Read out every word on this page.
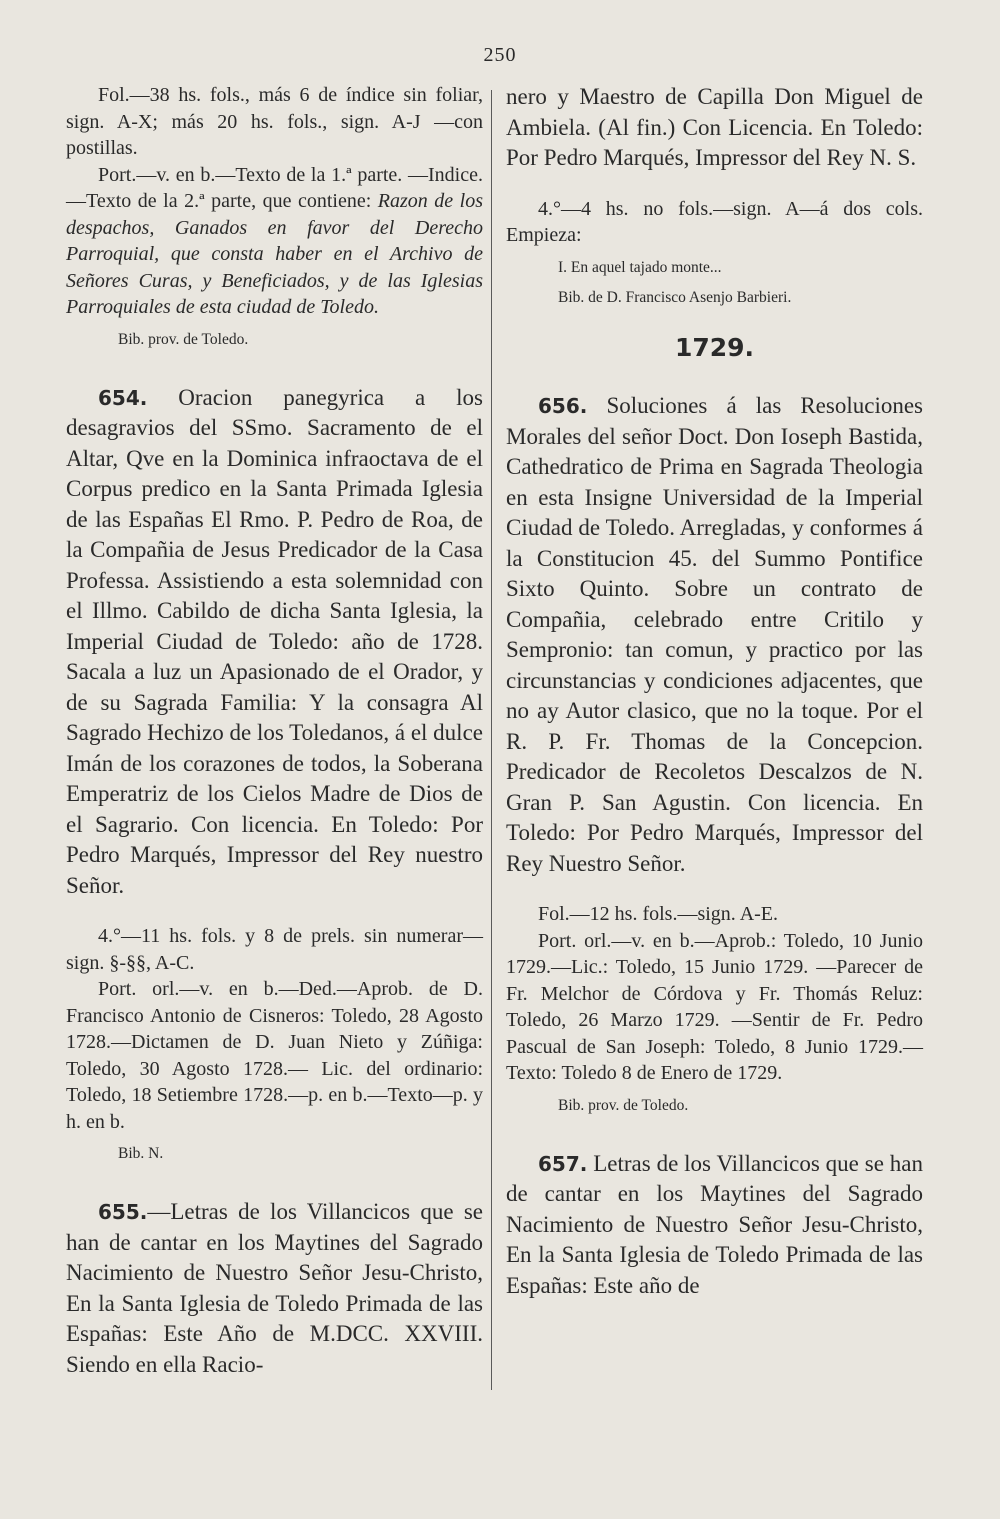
250

Fol.—38 hs. fols., más 6 de índice sin foliar, sign. A-X; más 20 hs. fols., sign. A-J —con postillas.

Port.—v. en b.—Texto de la 1.ª parte. —Indice.—Texto de la 2.ª parte, que contiene: Razon de los despachos, Ganados en favor del Derecho Parroquial, que consta haber en el Archivo de Señores Curas, y Beneficiados, y de las Iglesias Parroquiales de esta ciudad de Toledo.

Bib. prov. de Toledo.

654. Oracion panegyrica a los desagravios del SSmo. Sacramento de el Altar, Qve en la Dominica infraoctava de el Corpus predico en la Santa Primada Iglesia de las Españas El Rmo. P. Pedro de Roa, de la Compañia de Jesus Predicador de la Casa Professa. Assistiendo a esta solemnidad con el Illmo. Cabildo de dicha Santa Iglesia, la Imperial Ciudad de Toledo: año de 1728. Sacala a luz un Apasionado de el Orador, y de su Sagrada Familia: Y la consagra Al Sagrado Hechizo de los Toledanos, á el dulce Imán de los corazones de todos, la Soberana Emperatriz de los Cielos Madre de Dios de el Sagrario. Con licencia. En Toledo: Por Pedro Marqués, Impressor del Rey nuestro Señor.

4.°—11 hs. fols. y 8 de prels. sin numerar—sign. §-§§, A-C.

Port. orl.—v. en b.—Ded.—Aprob. de D. Francisco Antonio de Cisneros: Toledo, 28 Agosto 1728.—Dictamen de D. Juan Nieto y Zúñiga: Toledo, 30 Agosto 1728.— Lic. del ordinario: Toledo, 18 Setiembre 1728.—p. en b.—Texto—p. y h. en b.

Bib. N.

655.—Letras de los Villancicos que se han de cantar en los Maytines del Sagrado Nacimiento de Nuestro Señor Jesu-Christo, En la Santa Iglesia de Toledo Primada de las Españas: Este Año de M.DCC. XXVIII. Siendo en ella Racio-

nero y Maestro de Capilla Don Miguel de Ambiela. (Al fin.) Con Licencia. En Toledo: Por Pedro Marqués, Impressor del Rey N. S.

4.°—4 hs. no fols.—sign. A—á dos cols. Empieza:

I. En aquel tajado monte...

Bib. de D. Francisco Asenjo Barbieri.

1729.

656. Soluciones á las Resoluciones Morales del señor Doct. Don Ioseph Bastida, Cathedratico de Prima en Sagrada Theologia en esta Insigne Universidad de la Imperial Ciudad de Toledo. Arregladas, y conformes á la Constitucion 45. del Summo Pontifice Sixto Quinto. Sobre un contrato de Compañia, celebrado entre Critilo y Sempronio: tan comun, y practico por las circunstancias y condiciones adjacentes, que no ay Autor clasico, que no la toque. Por el R. P. Fr. Thomas de la Concepcion. Predicador de Recoletos Descalzos de N. Gran P. San Agustin. Con licencia. En Toledo: Por Pedro Marqués, Impressor del Rey Nuestro Señor.

Fol.—12 hs. fols.—sign. A-E.

Port. orl.—v. en b.—Aprob.: Toledo, 10 Junio 1729.—Lic.: Toledo, 15 Junio 1729. —Parecer de Fr. Melchor de Córdova y Fr. Thomás Reluz: Toledo, 26 Marzo 1729. —Sentir de Fr. Pedro Pascual de San Joseph: Toledo, 8 Junio 1729.—Texto: Toledo 8 de Enero de 1729.

Bib. prov. de Toledo.

657. Letras de los Villancicos que se han de cantar en los Maytines del Sagrado Nacimiento de Nuestro Señor Jesu-Christo, En la Santa Iglesia de Toledo Primada de las Españas: Este año de
